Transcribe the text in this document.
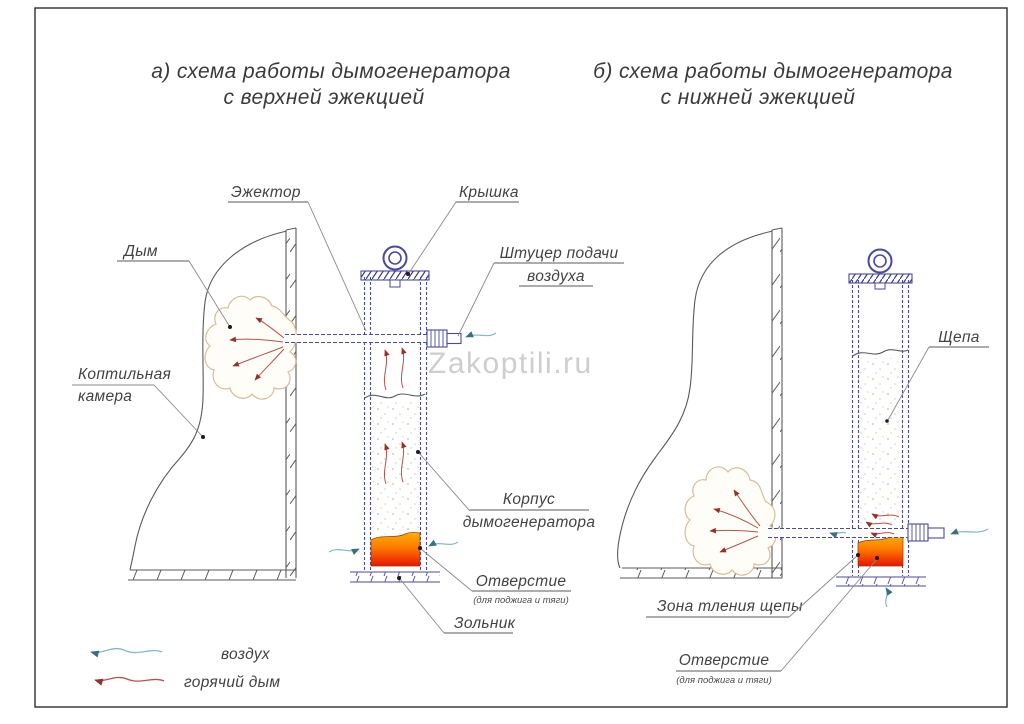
Zakoptili.ru
а) схема работы дымогенератора
с верхней эжекцией
б) схема работы дымогенератора
с нижней эжекцией
Эжектор	Крышка
Дым	Штуцер подачи
воздуха
Коптильная
камера
Корпус
дымогенератора
Отверстие
(для поджига и тяги)
Зольник
Щепа
Зона тления щепы
Отверстие
(для поджига и тяги)
воздух
горячий дым
